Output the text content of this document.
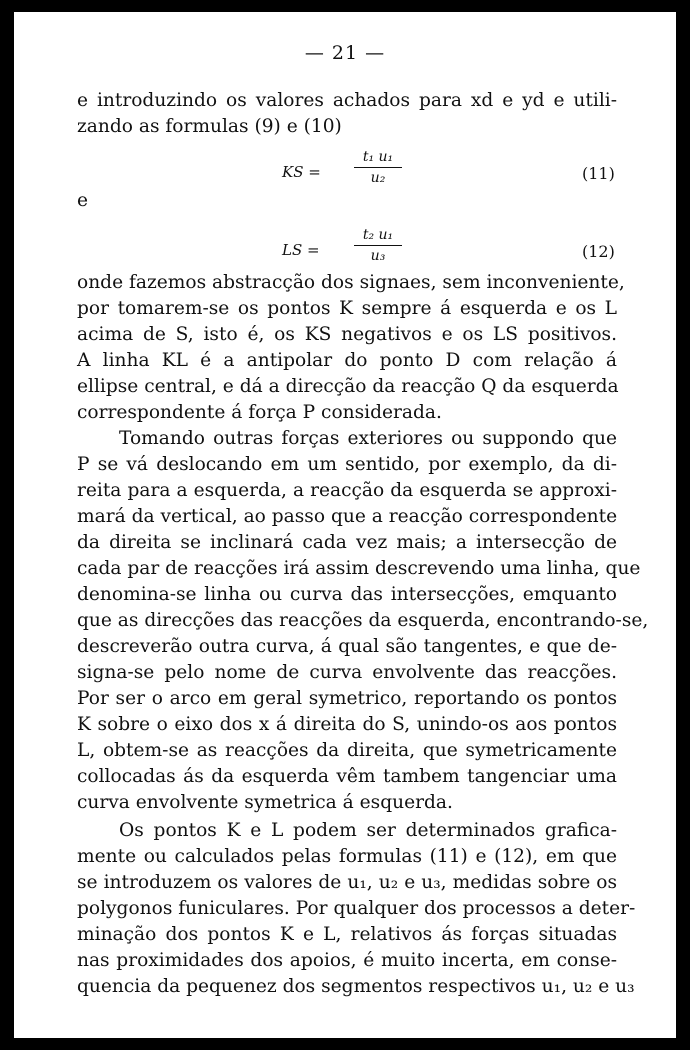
— 21 —
e introduzindo os valores achados para xd e yd e utili-
zando as formulas (9) e (10)
KS =
t₁ u₁
u₂	(11)
e
LS =
t₂ u₁
u₃	(12)
onde fazemos abstracção dos signaes, sem inconveniente,
por tomarem-se os pontos K sempre á esquerda e os L
acima de S, isto é, os KS negativos e os LS positivos.
A linha KL é a antipolar do ponto D com relação á
ellipse central, e dá a direcção da reacção Q da esquerda
correspondente á força P considerada.
Tomando outras forças exteriores ou suppondo que
P se vá deslocando em um sentido, por exemplo, da di-
reita para a esquerda, a reacção da esquerda se approxi-
mará da vertical, ao passo que a reacção correspondente
da direita se inclinará cada vez mais; a intersecção de
cada par de reacções irá assim descrevendo uma linha, que
denomina-se linha ou curva das intersecções, emquanto
que as direcções das reacções da esquerda, encontrando-se,
descreverão outra curva, á qual são tangentes, e que de-
signa-se pelo nome de curva envolvente das reacções.
Por ser o arco em geral symetrico, reportando os pontos
K sobre o eixo dos x á direita do S, unindo-os aos pontos
L, obtem-se as reacções da direita, que symetricamente
collocadas ás da esquerda vêm tambem tangenciar uma
curva envolvente symetrica á esquerda.
Os pontos K e L podem ser determinados grafica-
mente ou calculados pelas formulas (11) e (12), em que
se introduzem os valores de u₁, u₂ e u₃, medidas sobre os
polygonos funiculares. Por qualquer dos processos a deter-
minação dos pontos K e L, relativos ás forças situadas
nas proximidades dos apoios, é muito incerta, em conse-
quencia da pequenez dos segmentos respectivos u₁, u₂ e u₃
